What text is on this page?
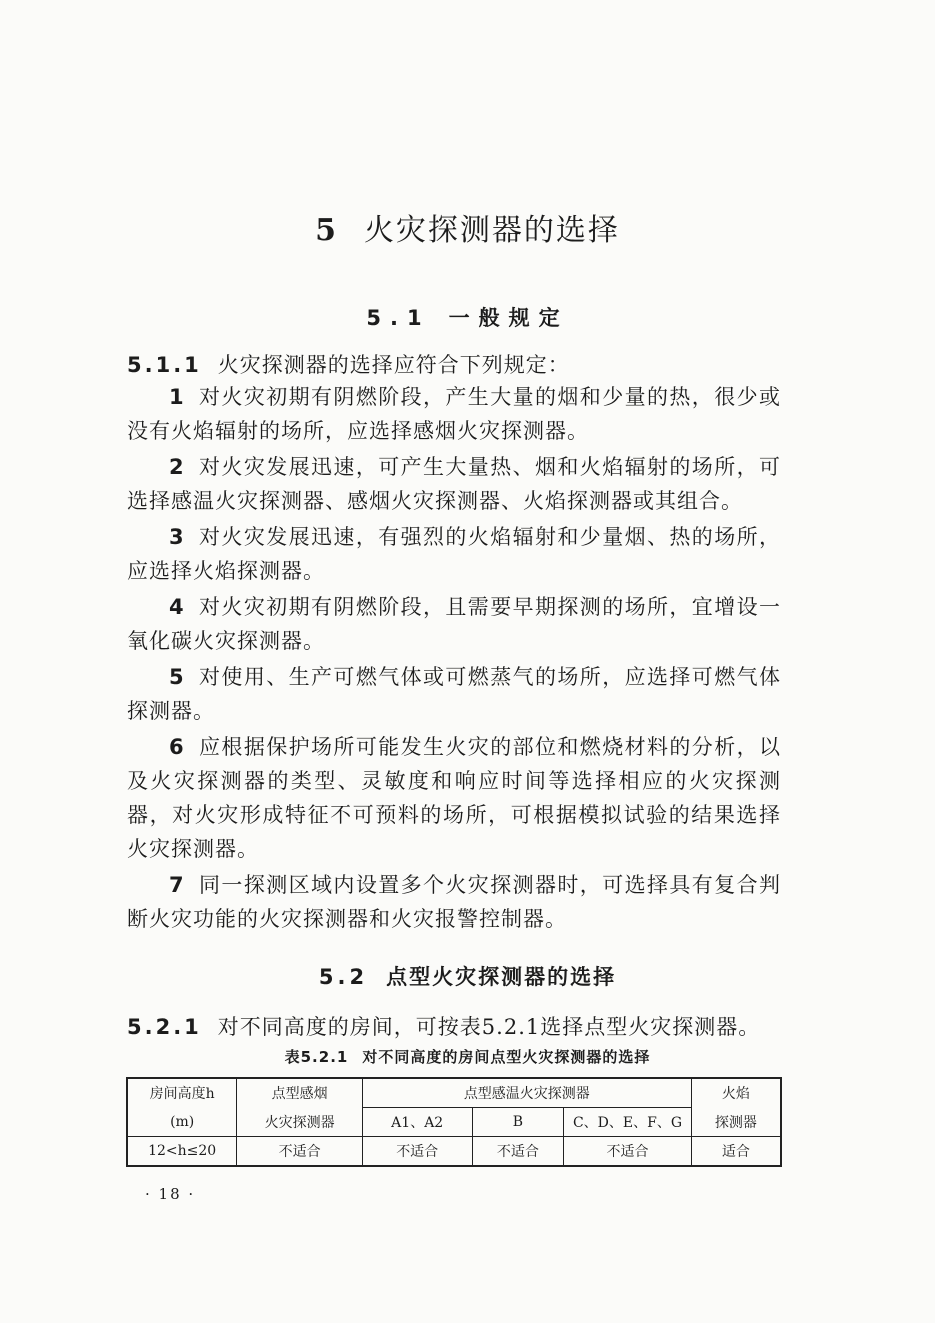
5 火灾探测器的选择
5.1 一般规定
5.1.1 火灾探测器的选择应符合下列规定：
1 对火灾初期有阴燃阶段，产生大量的烟和少量的热，很少或没有火焰辐射的场所，应选择感烟火灾探测器。
2 对火灾发展迅速，可产生大量热、烟和火焰辐射的场所，可选择感温火灾探测器、感烟火灾探测器、火焰探测器或其组合。
3 对火灾发展迅速，有强烈的火焰辐射和少量烟、热的场所，应选择火焰探测器。
4 对火灾初期有阴燃阶段，且需要早期探测的场所，宜增设一氧化碳火灾探测器。
5 对使用、生产可燃气体或可燃蒸气的场所，应选择可燃气体探测器。
6 应根据保护场所可能发生火灾的部位和燃烧材料的分析，以及火灾探测器的类型、灵敏度和响应时间等选择相应的火灾探测器，对火灾形成特征不可预料的场所，可根据模拟试验的结果选择火灾探测器。
7 同一探测区域内设置多个火灾探测器时，可选择具有复合判断火灾功能的火灾探测器和火灾报警控制器。
5.2 点型火灾探测器的选择
5.2.1 对不同高度的房间，可按表5.2.1选择点型火灾探测器。
表5.2.1 对不同高度的房间点型火灾探测器的选择
房间高度h	点型感烟	点型感温火灾探测器			火焰
(m)	火灾探测器	A1、A2	B	C、D、E、F、G	探测器
12<h≤20	不适合	不适合	不适合	不适合	适合
· 18 ·
